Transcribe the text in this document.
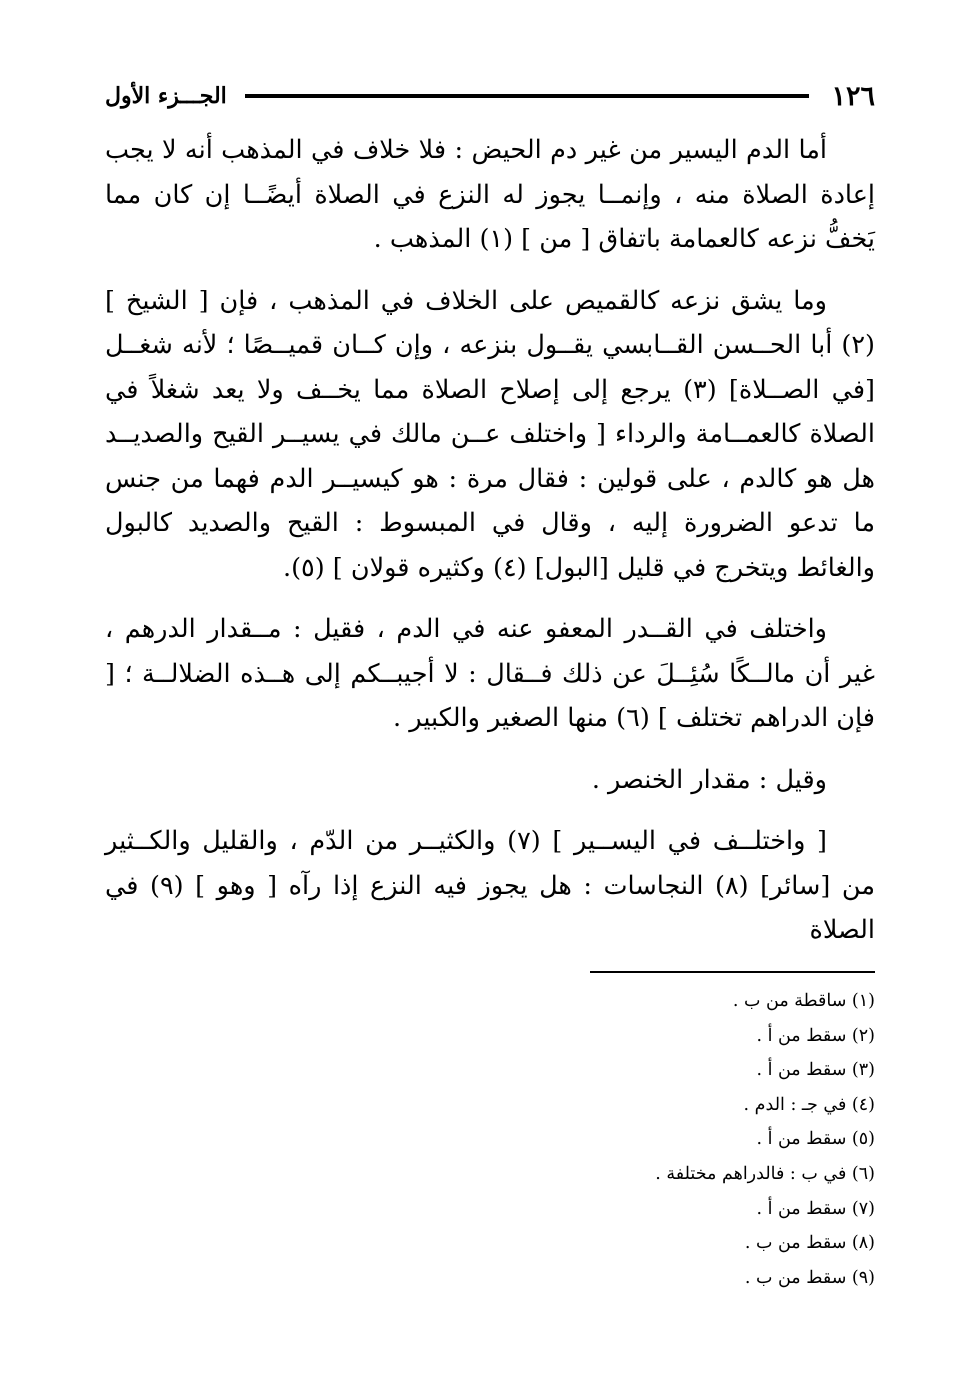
١٢٦
الجـــزء الأول

أما الدم اليسير من غير دم الحيض : فلا خلاف في المذهب أنه لا يجب إعادة الصلاة منه ، وإنمــا يجوز له النزع في الصلاة أيضًــا إن كان مما يَخفُّ نزعه كالعمامة باتفاق [ من ] (١) المذهب .

وما يشق نزعه كالقميص على الخلاف في المذهب ، فإن [ الشيخ ] (٢) أبا الحــسن القــابسي يقــول بنزعه ، وإن كــان قميــصًا ؛ لأنه شغــل [في الصــلاة] (٣) يرجع إلى إصلاح الصلاة مما يخــف ولا يعد شغلاً في الصلاة كالعمــامة والرداء [ واختلف عــن مالك في يسيــر القيح والصديــد هل هو كالدم ، على قولين : فقال مرة : هو كيسيــر الدم فهما من جنس ما تدعو الضرورة إليه ، وقال في المبسوط : القيح والصديد كالبول والغائط ويتخرج في قليل [البول] (٤) وكثيره قولان ] (٥).

واختلف في القــدر المعفو عنه في الدم ، فقيل : مــقدار الدرهم ، غير أن مالــكًا سُئِــلَ عن ذلك فــقال : لا أجيبــكم إلى هــذه الضلالــة ؛ [ فإن الدراهم تختلف ] (٦) منها الصغير والكبير .

وقيل : مقدار الخنصر .

[ واختلــف في اليســير ] (٧) والكثيــر من الدّم ، والقليل والكــثير من [سائر] (٨) النجاسات : هل يجوز فيه النزع إذا رآه [ وهو ] (٩) في الصلاة

(١) ساقطة من ب .
(٢) سقط من أ .
(٣) سقط من أ .
(٤) في جـ : الدم .
(٥) سقط من أ .
(٦) في ب : فالدراهم مختلفة .
(٧) سقط من أ .
(٨) سقط من ب .
(٩) سقط من ب .
